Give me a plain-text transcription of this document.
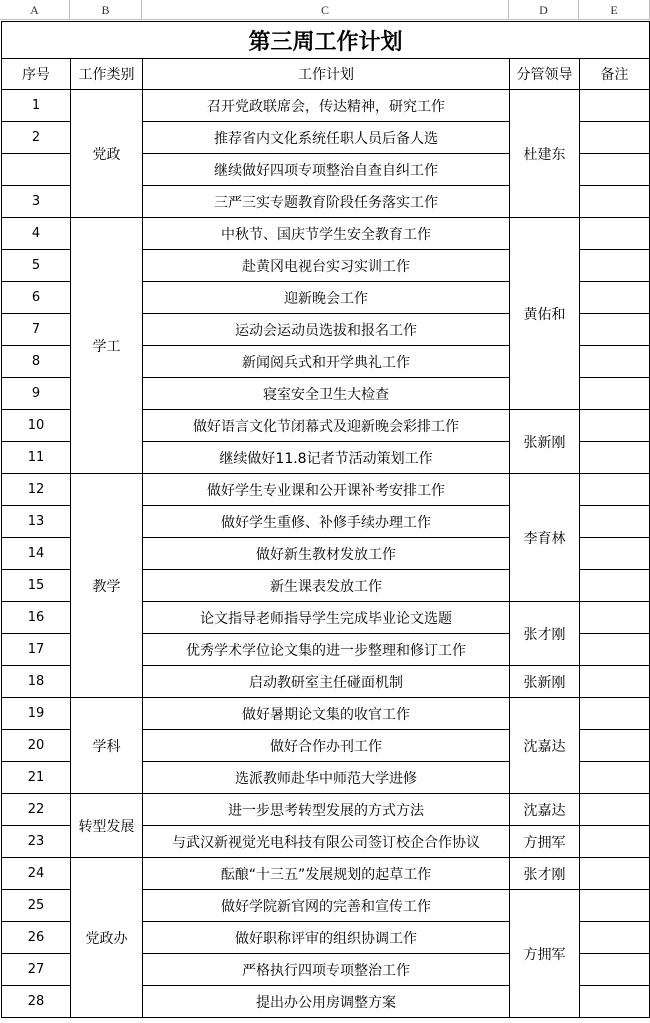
A	B	C	D	E
第三周工作计划				
序号	工作类别	工作计划	分管领导	备注
1	党政	召开党政联席会，传达精神，研究工作	杜建东	
2		推荐省内文化系统任职人员后备人选		
		继续做好四项专项整治自查自纠工作		
3		三严三实专题教育阶段任务落实工作		
4	学工	中秋节、国庆节学生安全教育工作	黄佑和	
5		赴黄冈电视台实习实训工作		
6		迎新晚会工作		
7		运动会运动员选拔和报名工作		
8		新闻阅兵式和开学典礼工作		
9		寝室安全卫生大检查		
10		做好语言文化节闭幕式及迎新晚会彩排工作	张新刚	
11		继续做好11.8记者节活动策划工作		
12	教学	做好学生专业课和公开课补考安排工作	李育林	
13		做好学生重修、补修手续办理工作		
14		做好新生教材发放工作		
15		新生课表发放工作		
16		论文指导老师指导学生完成毕业论文选题	张才刚	
17		优秀学术学位论文集的进一步整理和修订工作		
18		启动教研室主任碰面机制	张新刚	
19	学科	做好暑期论文集的收官工作	沈嘉达	
20		做好合作办刊工作		
21		选派教师赴华中师范大学进修		
22	转型发展	进一步思考转型发展的方式方法	沈嘉达	
23		与武汉新视觉光电科技有限公司签订校企合作协议	方拥军	
24	党政办	酝酿“十三五”发展规划的起草工作	张才刚	
25		做好学院新官网的完善和宣传工作	方拥军	
26		做好职称评审的组织协调工作		
27		严格执行四项专项整治工作		
28		提出办公用房调整方案		
